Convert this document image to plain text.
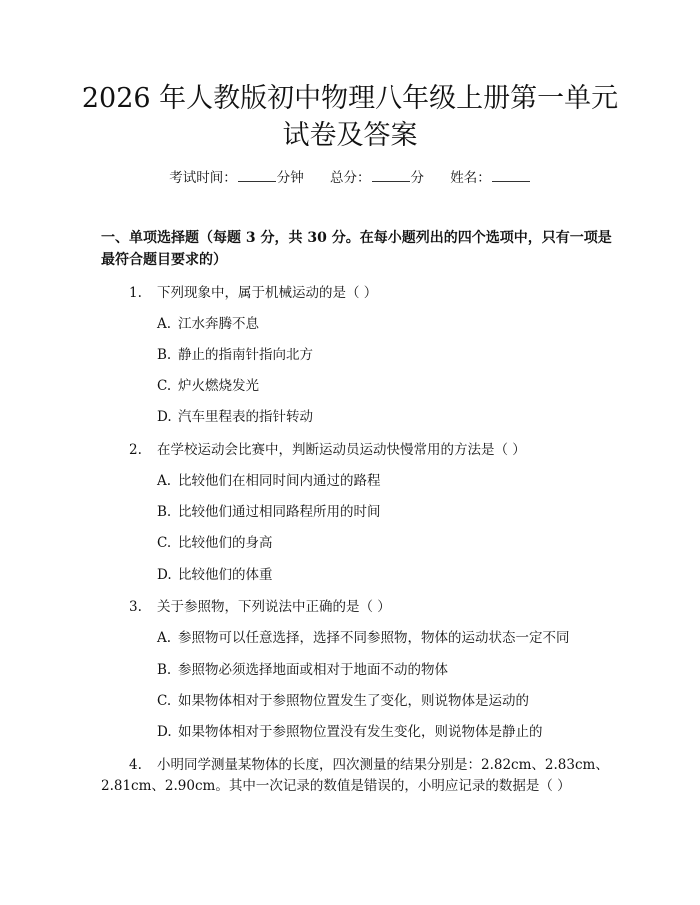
2026 年人教版初中物理八年级上册第一单元
试卷及答案
考试时间：	分钟 总分：	分 姓名：
一、单项选择题（每题 3 分，共 30 分。在每小题列出的四个选项中，只有一项是
最符合题目要求的）
1. 下列现象中，属于机械运动的是（ ）
A. 江水奔腾不息
B. 静止的指南针指向北方
C. 炉火燃烧发光
D. 汽车里程表的指针转动
2. 在学校运动会比赛中，判断运动员运动快慢常用的方法是（ ）
A. 比较他们在相同时间内通过的路程
B. 比较他们通过相同路程所用的时间
C. 比较他们的身高
D. 比较他们的体重
3. 关于参照物，下列说法中正确的是（ ）
A. 参照物可以任意选择，选择不同参照物，物体的运动状态一定不同
B. 参照物必须选择地面或相对于地面不动的物体
C. 如果物体相对于参照物位置发生了变化，则说物体是运动的
D. 如果物体相对于参照物位置没有发生变化，则说物体是静止的
4. 小明同学测量某物体的长度，四次测量的结果分别是：2.82cm、2.83cm、
2.81cm、2.90cm。其中一次记录的数值是错误的，小明应记录的数据是（ ）
